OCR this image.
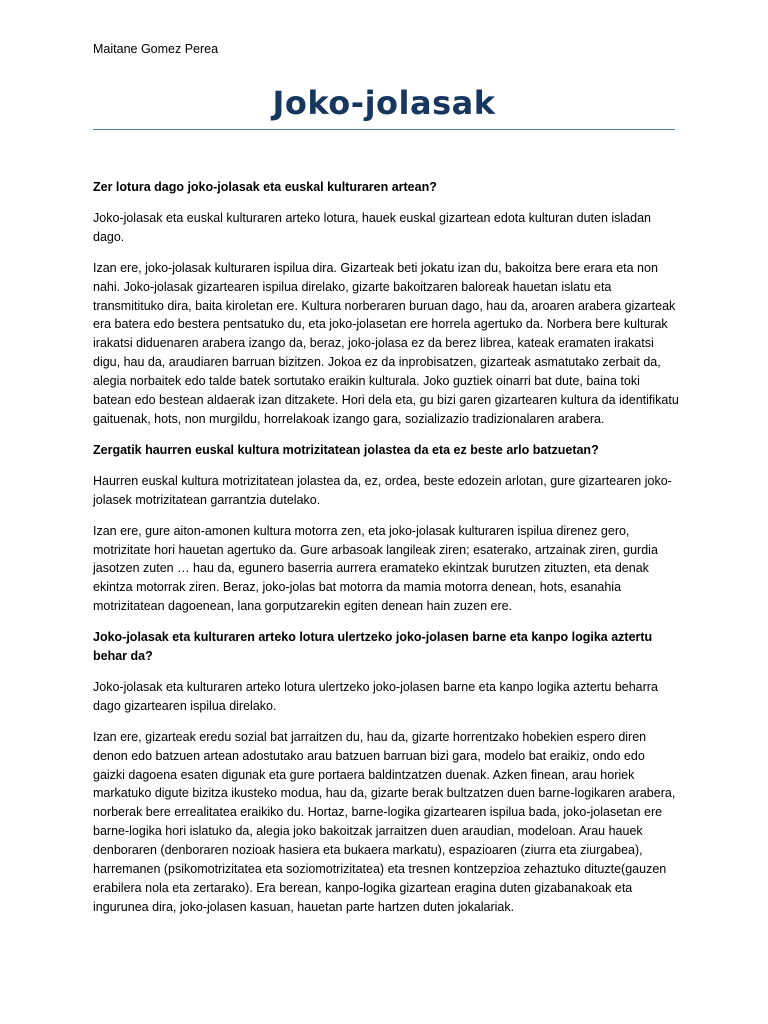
Maitane Gomez Perea
Joko-jolasak

Zer lotura dago joko-jolasak eta euskal kulturaren artean?

Joko-jolasak eta euskal kulturaren arteko lotura, hauek euskal gizartean edota kulturan duten isladan dago.

Izan ere, joko-jolasak kulturaren ispilua dira. Gizarteak beti jokatu izan du, bakoitza bere erara eta non nahi. Joko-jolasak gizartearen ispilua direlako, gizarte bakoitzaren baloreak hauetan islatu eta transmitituko dira, baita kiroletan ere. Kultura norberaren buruan dago, hau da, aroaren arabera gizarteak era batera edo bestera pentsatuko du, eta joko-jolasetan ere horrela agertuko da. Norbera bere kulturak irakatsi diduenaren arabera izango da, beraz, joko-jolasa ez da berez librea, kateak eramaten irakatsi digu, hau da, araudiaren barruan bizitzen. Jokoa ez da inprobisatzen, gizarteak asmatutako zerbait da, alegia norbaitek edo talde batek sortutako eraikin kulturala. Joko guztiek oinarri bat dute, baina toki batean edo bestean aldaerak izan ditzakete. Hori dela eta, gu bizi garen gizartearen kultura da identifikatu gaituenak, hots, non murgildu, horrelakoak izango gara, sozializazio tradizionalaren arabera.

Zergatik haurren euskal kultura motrizitatean jolastea da eta ez beste arlo batzuetan?

Haurren euskal kultura motrizitatean jolastea da, ez, ordea, beste edozein arlotan, gure gizartearen joko-jolasek motrizitatean garrantzia dutelako.

Izan ere, gure aiton-amonen kultura motorra zen, eta joko-jolasak kulturaren ispilua direnez gero, motrizitate hori hauetan agertuko da. Gure arbasoak langileak ziren; esaterako, artzainak ziren, gurdia jasotzen zuten … hau da, egunero baserria aurrera eramateko ekintzak burutzen zituzten, eta denak ekintza motorrak ziren. Beraz, joko-jolas bat motorra da mamia motorra denean, hots, esanahia motrizitatean dagoenean, lana gorputzarekin egiten denean hain zuzen ere.

Joko-jolasak eta kulturaren arteko lotura ulertzeko joko-jolasen barne eta kanpo logika aztertu behar da?

Joko-jolasak eta kulturaren arteko lotura ulertzeko joko-jolasen barne eta kanpo logika aztertu beharra dago gizartearen ispilua direlako.

Izan ere, gizarteak eredu sozial bat jarraitzen du, hau da, gizarte horrentzako hobekien espero diren denon edo batzuen artean adostutako arau batzuen barruan bizi gara, modelo bat eraikiz, ondo edo gaizki dagoena esaten digunak eta gure portaera baldintzatzen duenak. Azken finean, arau horiek markatuko digute bizitza ikusteko modua, hau da, gizarte berak bultzatzen duen barne-logikaren arabera, norberak bere errealitatea eraikiko du. Hortaz, barne-logika gizartearen ispilua bada, joko-jolasetan ere barne-logika hori islatuko da, alegia joko bakoitzak jarraitzen duen araudian, modeloan. Arau hauek denboraren (denboraren nozioak hasiera eta bukaera markatu), espazioaren (ziurra eta ziurgabea), harremanen (psikomotrizitatea eta soziomotrizitatea) eta tresnen kontzepzioa zehaztuko dituzte(gauzen erabilera nola eta zertarako). Era berean, kanpo-logika gizartean eragina duten gizabanakoak eta ingurunea dira, joko-jolasen kasuan, hauetan parte hartzen duten jokalariak.
